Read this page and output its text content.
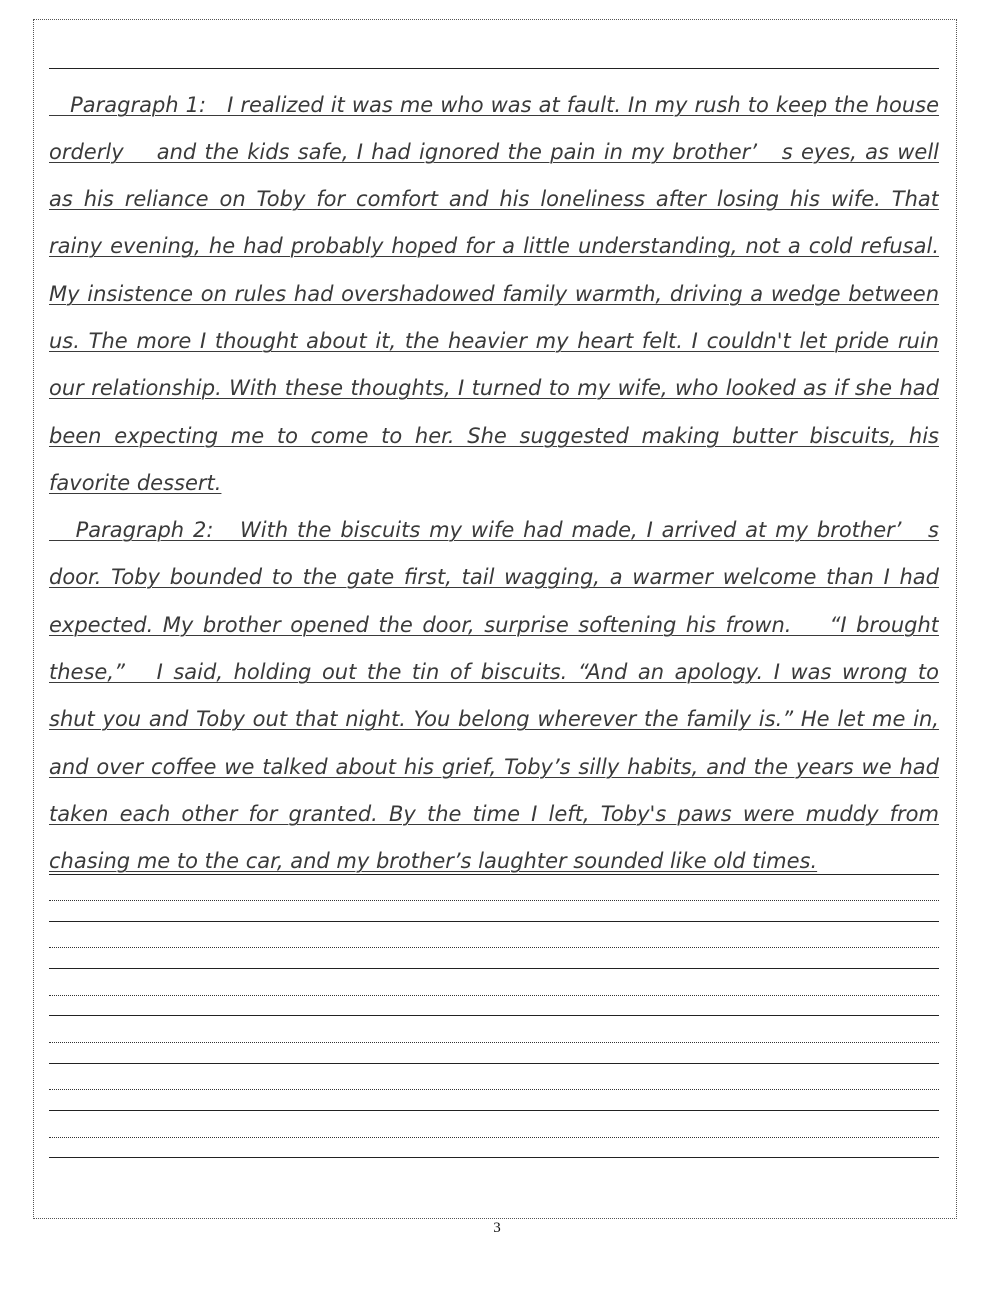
Paragraph 1:   I realized it was me who was at fault. In my rush to keep the house
orderly    and the kids safe, I had ignored the pain in my brother’   s eyes, as well
as his reliance on Toby for comfort and his loneliness after losing his wife. That
rainy evening, he had probably hoped for a little understanding, not a cold refusal.
My insistence on rules had overshadowed family warmth, driving a wedge between
us. The more I thought about it, the heavier my heart felt. I couldn't let pride ruin
our relationship. With these thoughts, I turned to my wife, who looked as if she had
been expecting me to come to her. She suggested making butter biscuits, his
favorite dessert.
Paragraph 2:   With the biscuits my wife had made, I arrived at my brother’   s
door. Toby bounded to the gate first, tail wagging, a warmer welcome than I had
expected. My brother opened the door, surprise softening his frown.    “I brought
these,”   I said, holding out the tin of biscuits. “And an apology. I was wrong to
shut you and Toby out that night. You belong wherever the family is.” He let me in,
and over coffee we talked about his grief, Toby’s silly habits, and the years we had
taken each other for granted. By the time I left, Toby's paws were muddy from
chasing me to the car, and my brother’s laughter sounded like old times.
3
